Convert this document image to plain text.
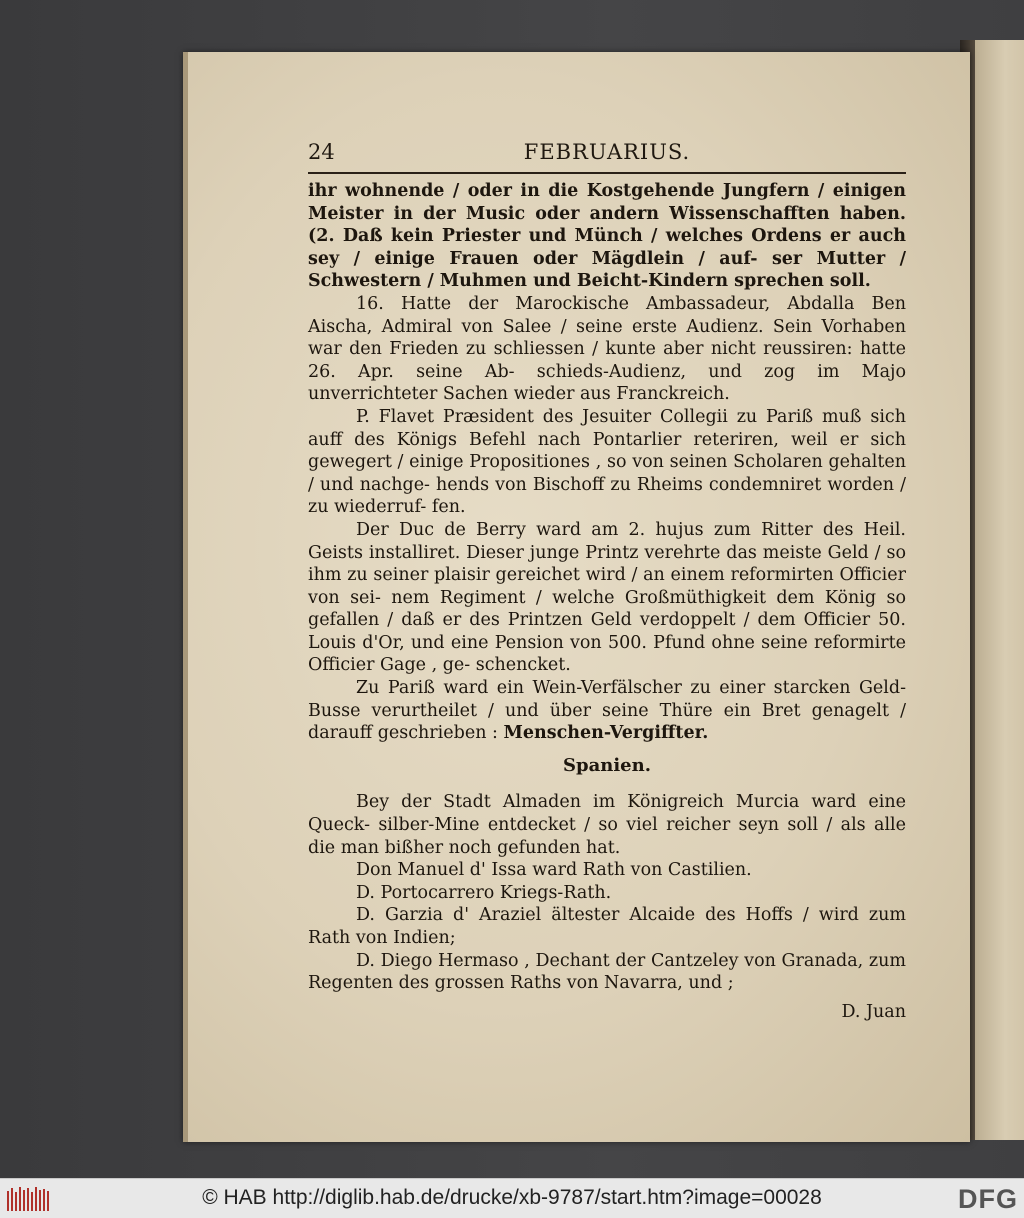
24	FEBRUARIUS.

ihr wohnende / oder in die Kostgehende Jungfern / einigen Meister in der Music oder andern Wissenschafften haben. (2. Daß kein Priester und Münch / welches Ordens er auch sey / einige Frauen oder Mägdlein / auf- ser Mutter / Schwestern / Muhmen und Beicht-Kindern sprechen soll.

16. Hatte der Marockische Ambassadeur, Abdalla Ben Aischa, Admiral von Salee / seine erste Audienz. Sein Vorhaben war den Frieden zu schliessen / kunte aber nicht reussiren: hatte 26. Apr. seine Ab- schieds-Audienz, und zog im Majo unverrichteter Sachen wieder aus Franckreich.

P. Flavet Præsident des Jesuiter Collegii zu Pariß muß sich auff des Königs Befehl nach Pontarlier reteriren, weil er sich gewegert / einige Propositiones , so von seinen Scholaren gehalten / und nachge- hends von Bischoff zu Rheims condemniret worden / zu wiederruf- fen.

Der Duc de Berry ward am 2. hujus zum Ritter des Heil. Geists installiret. Dieser junge Printz verehrte das meiste Geld / so ihm zu seiner plaisir gereichet wird / an einem reformirten Officier von sei- nem Regiment / welche Großmüthigkeit dem König so gefallen / daß er des Printzen Geld verdoppelt / dem Officier 50. Louis d'Or, und eine Pension von 500. Pfund ohne seine reformirte Officier Gage , ge- schencket.

Zu Pariß ward ein Wein-Verfälscher zu einer starcken Geld- Busse verurtheilet / und über seine Thüre ein Bret genagelt / darauff geschrieben : Menschen-Vergiffter.

Spanien.

Bey der Stadt Almaden im Königreich Murcia ward eine Queck- silber-Mine entdecket / so viel reicher seyn soll / als alle die man bißher noch gefunden hat.

Don Manuel d' Issa ward Rath von Castilien.

D. Portocarrero Kriegs-Rath.

D. Garzia d' Araziel ältester Alcaide des Hoffs / wird zum Rath von Indien;

D. Diego Hermaso , Dechant der Cantzeley von Granada, zum Regenten des grossen Raths von Navarra, und ;

D. Juan
© HAB http://diglib.hab.de/drucke/xb-9787/start.htm?image=00028	DFG
